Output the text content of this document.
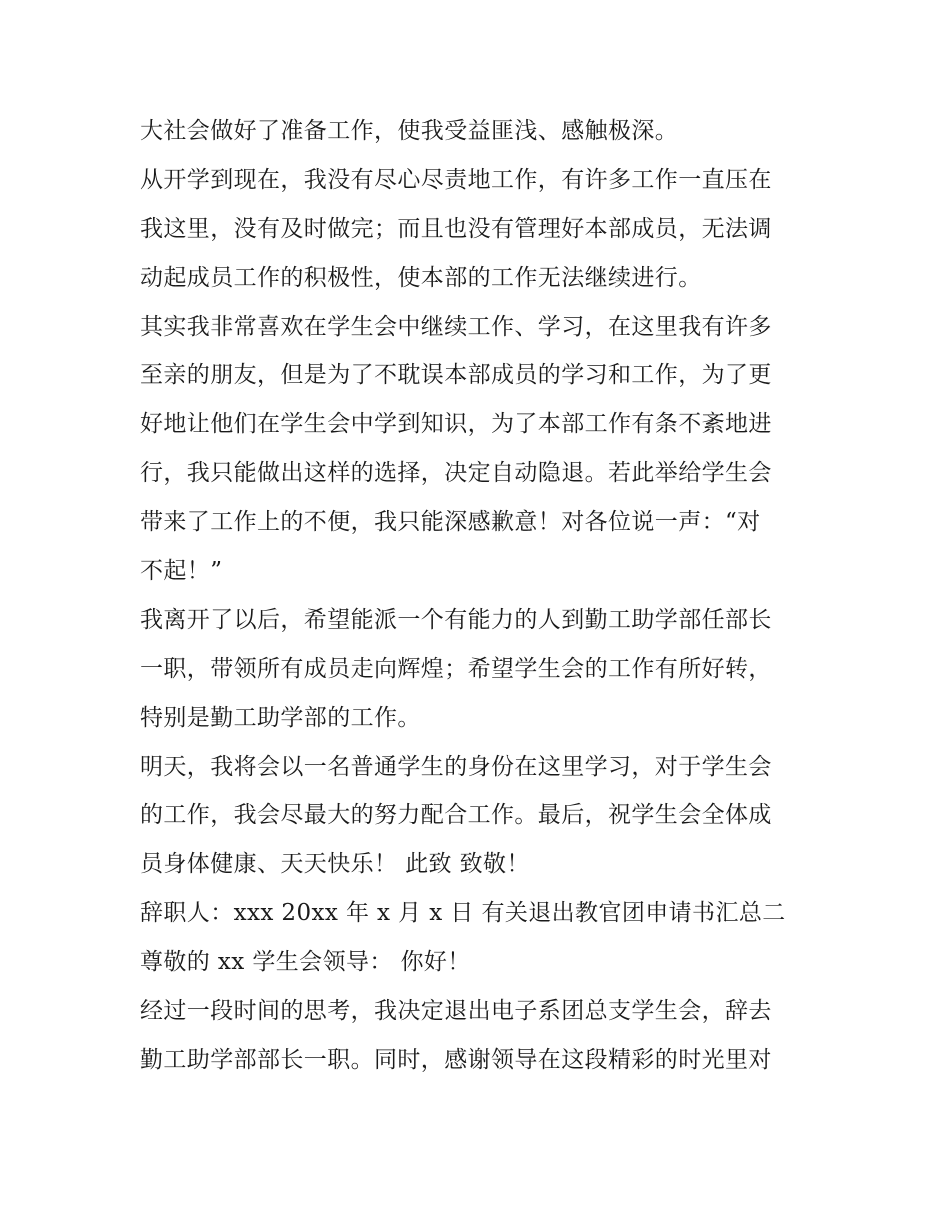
大社会做好了准备工作，使我受益匪浅、感触极深。
从开学到现在，我没有尽心尽责地工作，有许多工作一直压在
我这里，没有及时做完；而且也没有管理好本部成员，无法调
动起成员工作的积极性，使本部的工作无法继续进行。
其实我非常喜欢在学生会中继续工作、学习，在这里我有许多
至亲的朋友，但是为了不耽误本部成员的学习和工作，为了更
好地让他们在学生会中学到知识，为了本部工作有条不紊地进
行，我只能做出这样的选择，决定自动隐退。若此举给学生会
带来了工作上的不便，我只能深感歉意！对各位说一声：“对
不起！”
我离开了以后，希望能派一个有能力的人到勤工助学部任部长
一职，带领所有成员走向辉煌；希望学生会的工作有所好转，
特别是勤工助学部的工作。
明天，我将会以一名普通学生的身份在这里学习，对于学生会
的工作，我会尽最大的努力配合工作。最后，祝学生会全体成
员身体健康、天天快乐！ 此致 致敬！
辞职人：xxx 20xx 年 x 月 x 日 有关退出教官团申请书汇总二
尊敬的 xx 学生会领导： 你好！
经过一段时间的思考，我决定退出电子系团总支学生会，辞去
勤工助学部部长一职。同时，感谢领导在这段精彩的时光里对
